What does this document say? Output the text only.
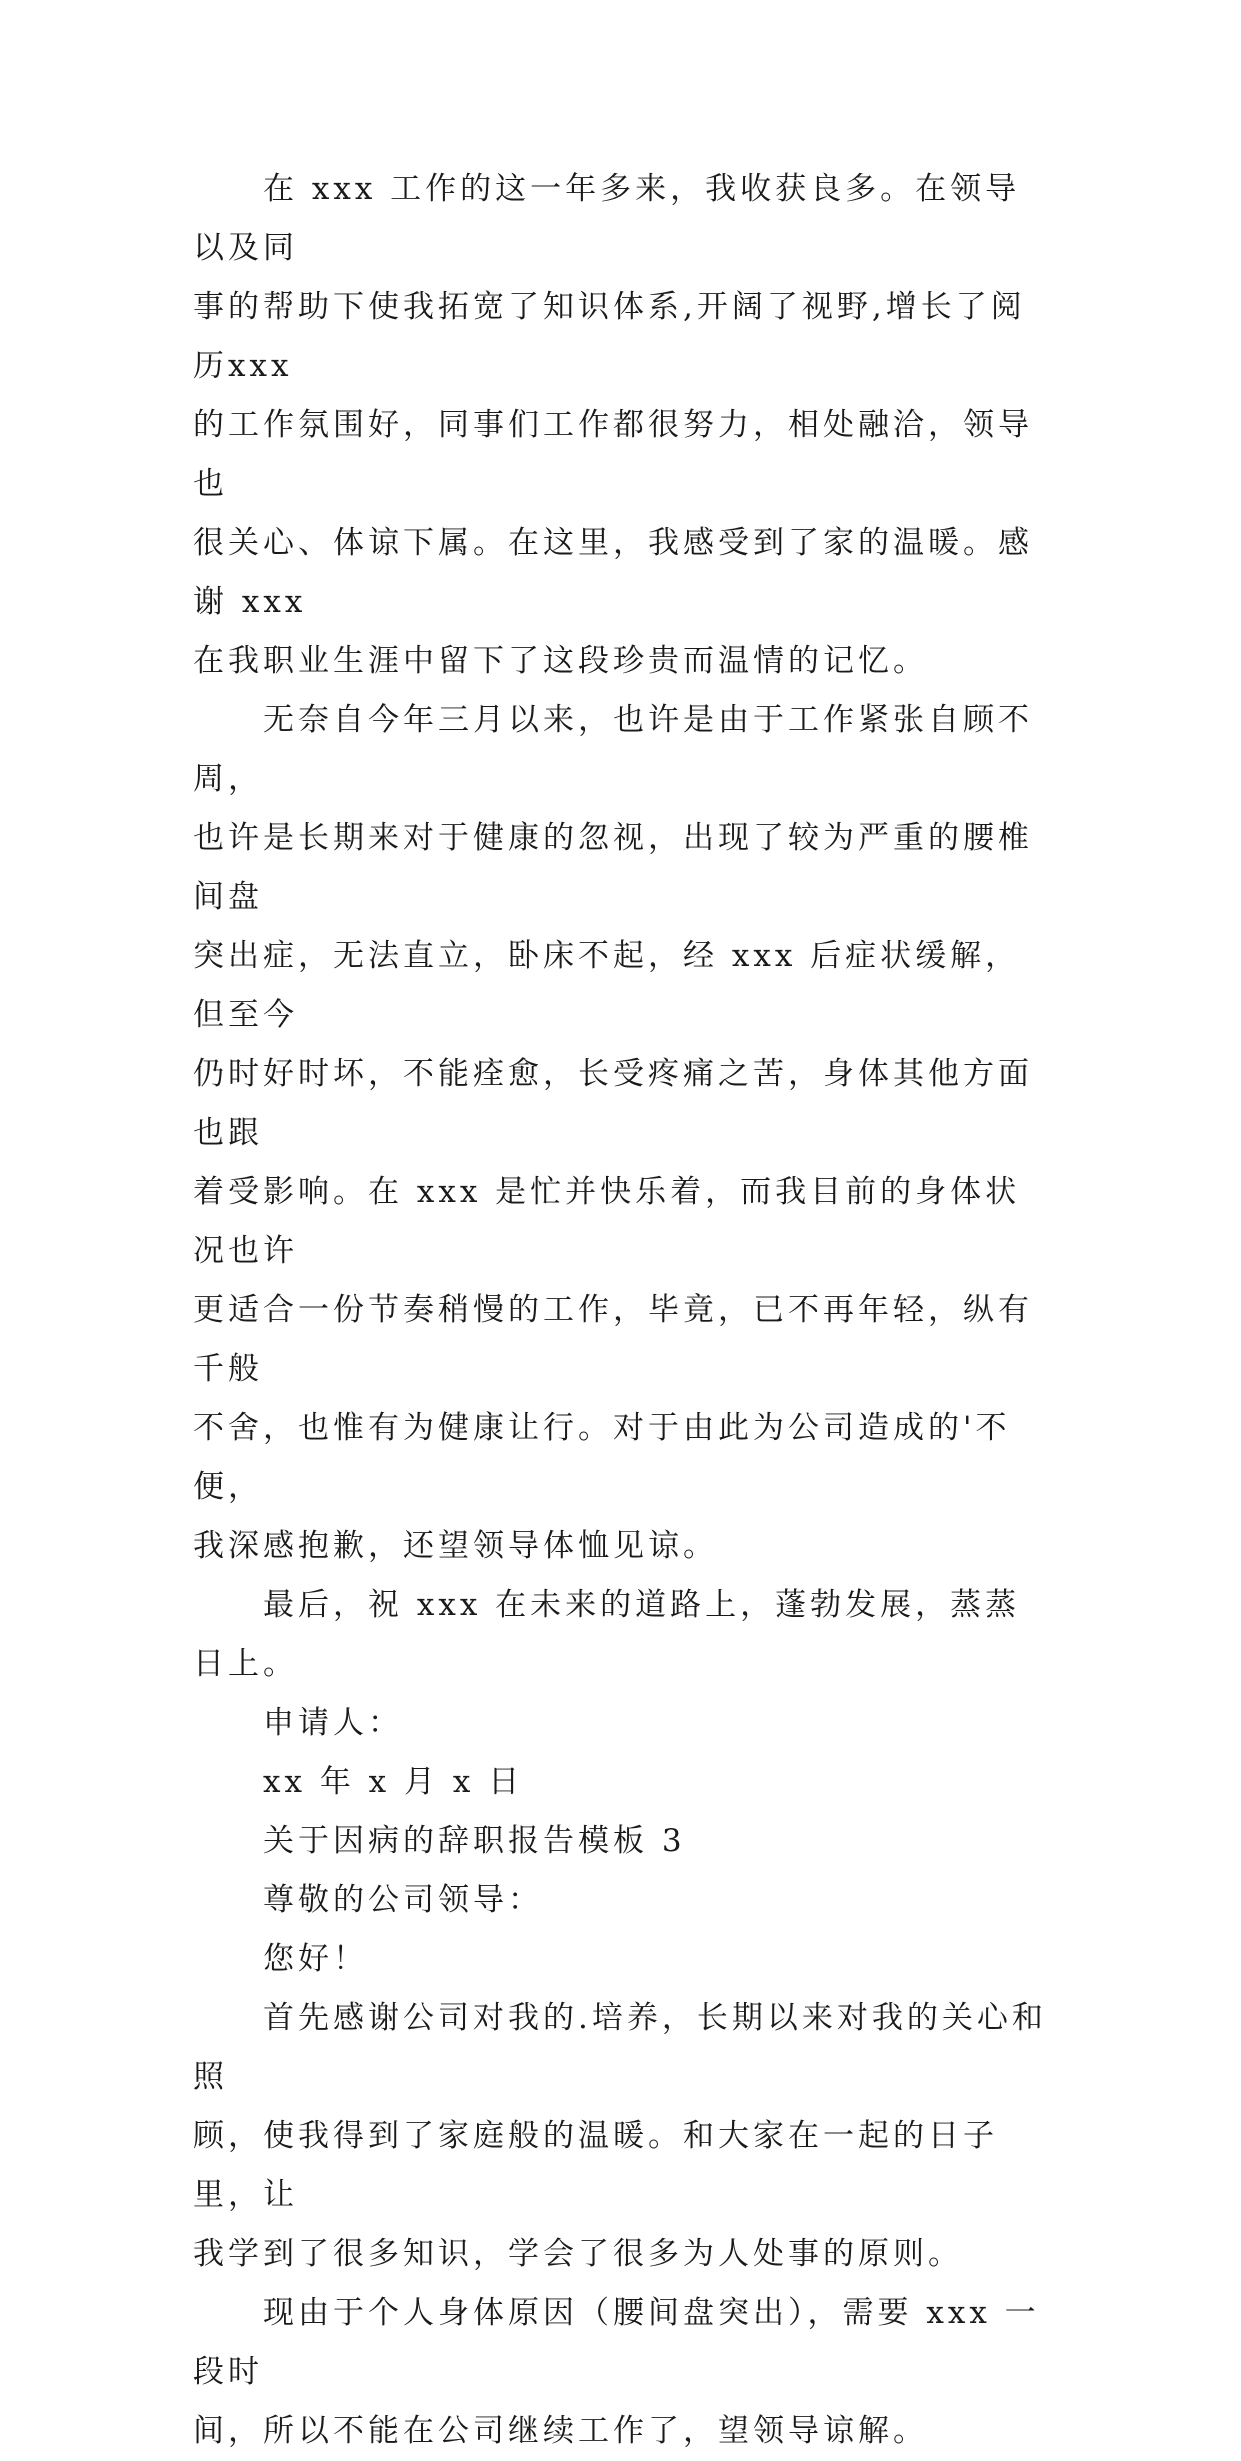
　　在 xxx 工作的这一年多来，我收获良多。在领导以及同

事的帮助下使我拓宽了知识体系,开阔了视野,增长了阅历xxx

的工作氛围好，同事们工作都很努力，相处融洽，领导也

很关心、体谅下属。在这里，我感受到了家的温暖。感谢 xxx

在我职业生涯中留下了这段珍贵而温情的记忆。

　　无奈自今年三月以来，也许是由于工作紧张自顾不周，

也许是长期来对于健康的忽视，出现了较为严重的腰椎间盘

突出症，无法直立，卧床不起，经 xxx 后症状缓解，但至今

仍时好时坏，不能痊愈，长受疼痛之苦，身体其他方面也跟

着受影响。在 xxx 是忙并快乐着，而我目前的身体状况也许

更适合一份节奏稍慢的工作，毕竟，已不再年轻，纵有千般

不舍，也惟有为健康让行。对于由此为公司造成的'不便，

我深感抱歉，还望领导体恤见谅。

　　最后，祝 xxx 在未来的道路上，蓬勃发展，蒸蒸日上。

　　申请人：

　　xx 年 x 月 x 日

　　关于因病的辞职报告模板 3

　　尊敬的公司领导：

　　您好！

　　首先感谢公司对我的.培养，长期以来对我的关心和照

顾，使我得到了家庭般的温暖。和大家在一起的日子里，让

我学到了很多知识，学会了很多为人处事的原则。

　　现由于个人身体原因（腰间盘突出），需要 xxx 一段时

间，所以不能在公司继续工作了，望领导谅解。
